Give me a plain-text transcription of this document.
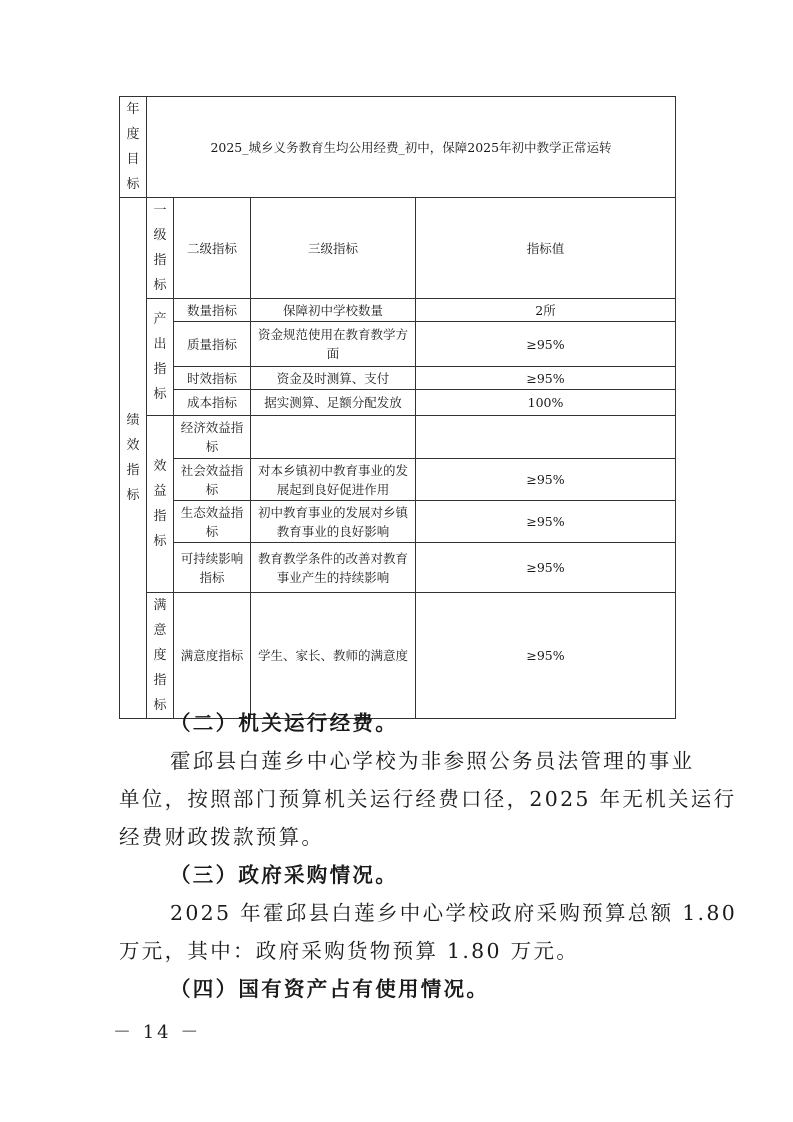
年度目标	2025_城乡义务教育生均公用经费_初中，保障2025年初中教学正常运转			

绩效指标	一级指标	二级指标	三级指标	指标值

	产出指标	数量指标	保障初中学校数量	2所
		质量指标	资金规范使用在教育教学方面	≥95%
		时效指标	资金及时测算、支付	≥95%
		成本指标	据实测算、足额分配发放	100%

	效益指标	经济效益指标		
		社会效益指标	对本乡镇初中教育事业的发展起到良好促进作用	≥95%
		生态效益指标	初中教育事业的发展对乡镇教育事业的良好影响	≥95%
		可持续影响指标	教育教学条件的改善对教育事业产生的持续影响	≥95%

	满意度指标	满意度指标	学生、家长、教师的满意度	≥95%

（二）机关运行经费。

霍邱县白莲乡中心学校为非参照公务员法管理的事业

单位，按照部门预算机关运行经费口径，2025 年无机关运行

经费财政拨款预算。

（三）政府采购情况。

2025 年霍邱县白莲乡中心学校政府采购预算总额 1.80

万元，其中：政府采购货物预算 1.80 万元。

（四）国有资产占有使用情况。

－ 14 －
